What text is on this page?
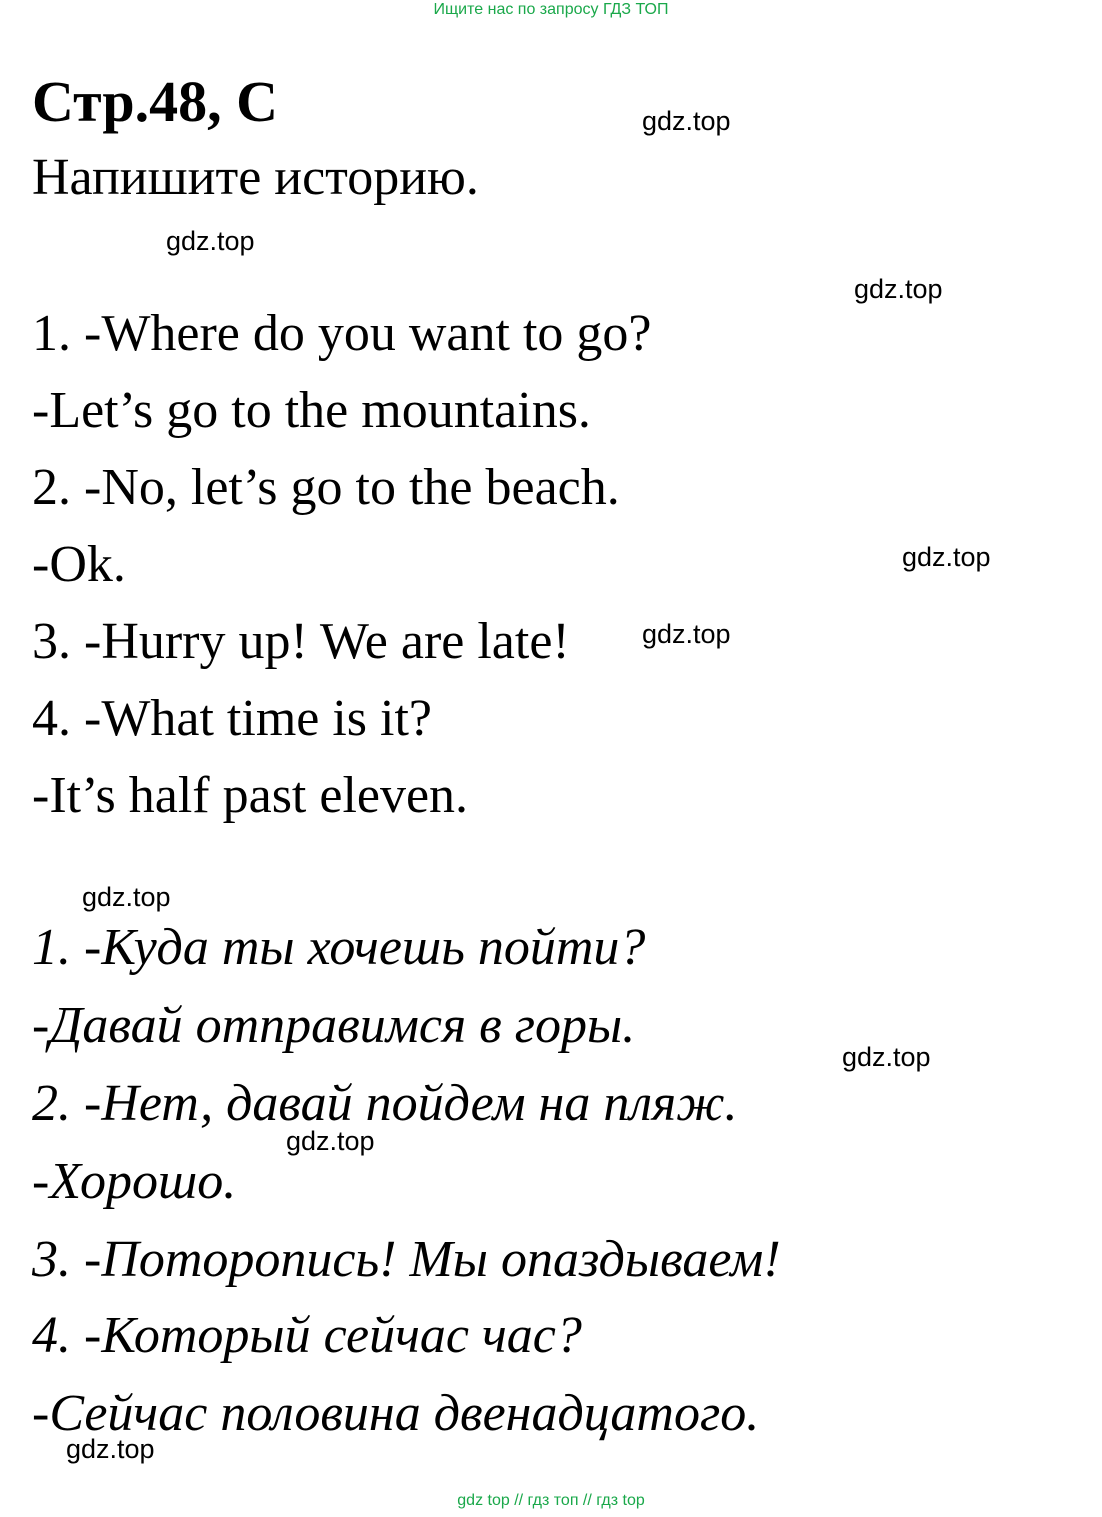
Ищите нас по запросу ГДЗ ТОП
Стр.48, C
Напишите историю.
1. -Where do you want to go?
-Let’s go to the mountains.
2. -No, let’s go to the beach.
-Ok.
3. -Hurry up! We are late!
4. -What time is it?
-It’s half past eleven.
1. -Куда ты хочешь пойти?
-Давай отправимся в горы.
2. -Нет, давай пойдем на пляж.
-Хорошо.
3. -Поторопись! Мы опаздываем!
4. -Который сейчас час?
-Сейчас половина двенадцатого.
gdz.top
gdz.top
gdz.top
gdz.top
gdz.top
gdz.top
gdz.top
gdz.top
gdz.top
gdz top // гдз топ // гдз top
